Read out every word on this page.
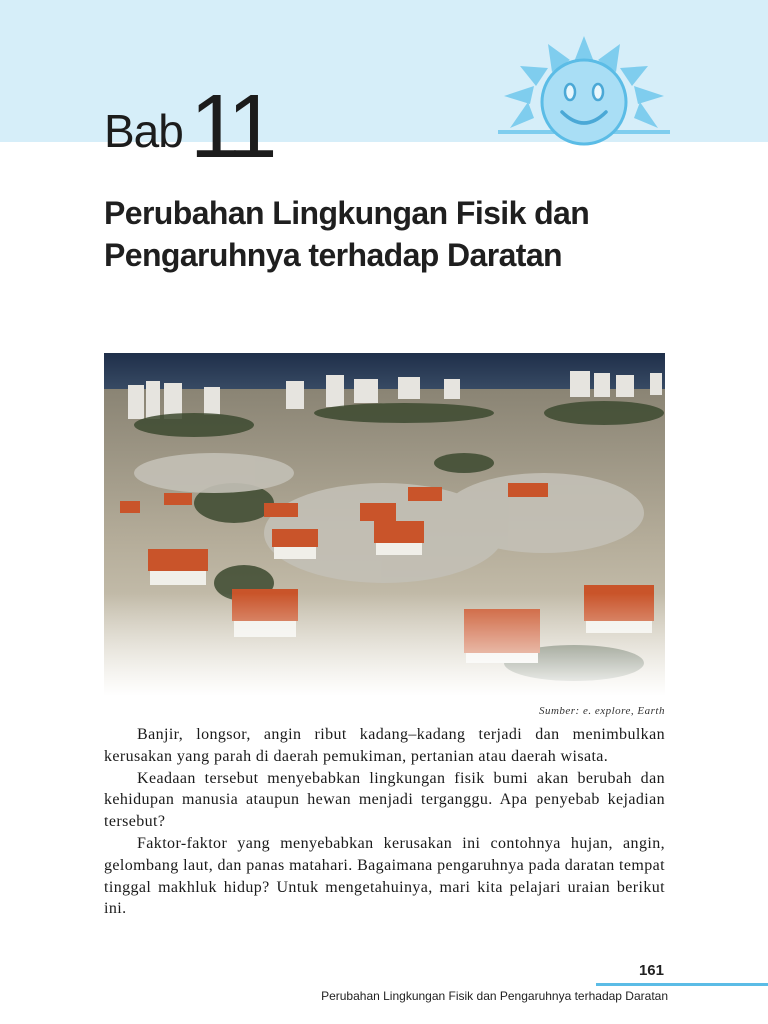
Bab 11
Perubahan Lingkungan Fisik dan
Pengaruhnya terhadap Daratan
Sumber: e. explore, Earth

Banjir, longsor, angin ribut kadang–kadang terjadi dan menimbulkan kerusakan yang parah di daerah pemukiman, pertanian atau daerah wisata.

Keadaan tersebut menyebabkan lingkungan fisik bumi akan berubah dan kehidupan manusia ataupun hewan menjadi terganggu. Apa penyebab kejadian tersebut?

Faktor-faktor yang menyebabkan kerusakan ini contohnya hujan, angin, gelombang laut, dan panas matahari. Bagaimana pengaruhnya pada daratan tempat tinggal makhluk hidup? Untuk mengetahuinya, mari kita pelajari uraian berikut ini.

161
Perubahan Lingkungan Fisik dan Pengaruhnya terhadap Daratan
